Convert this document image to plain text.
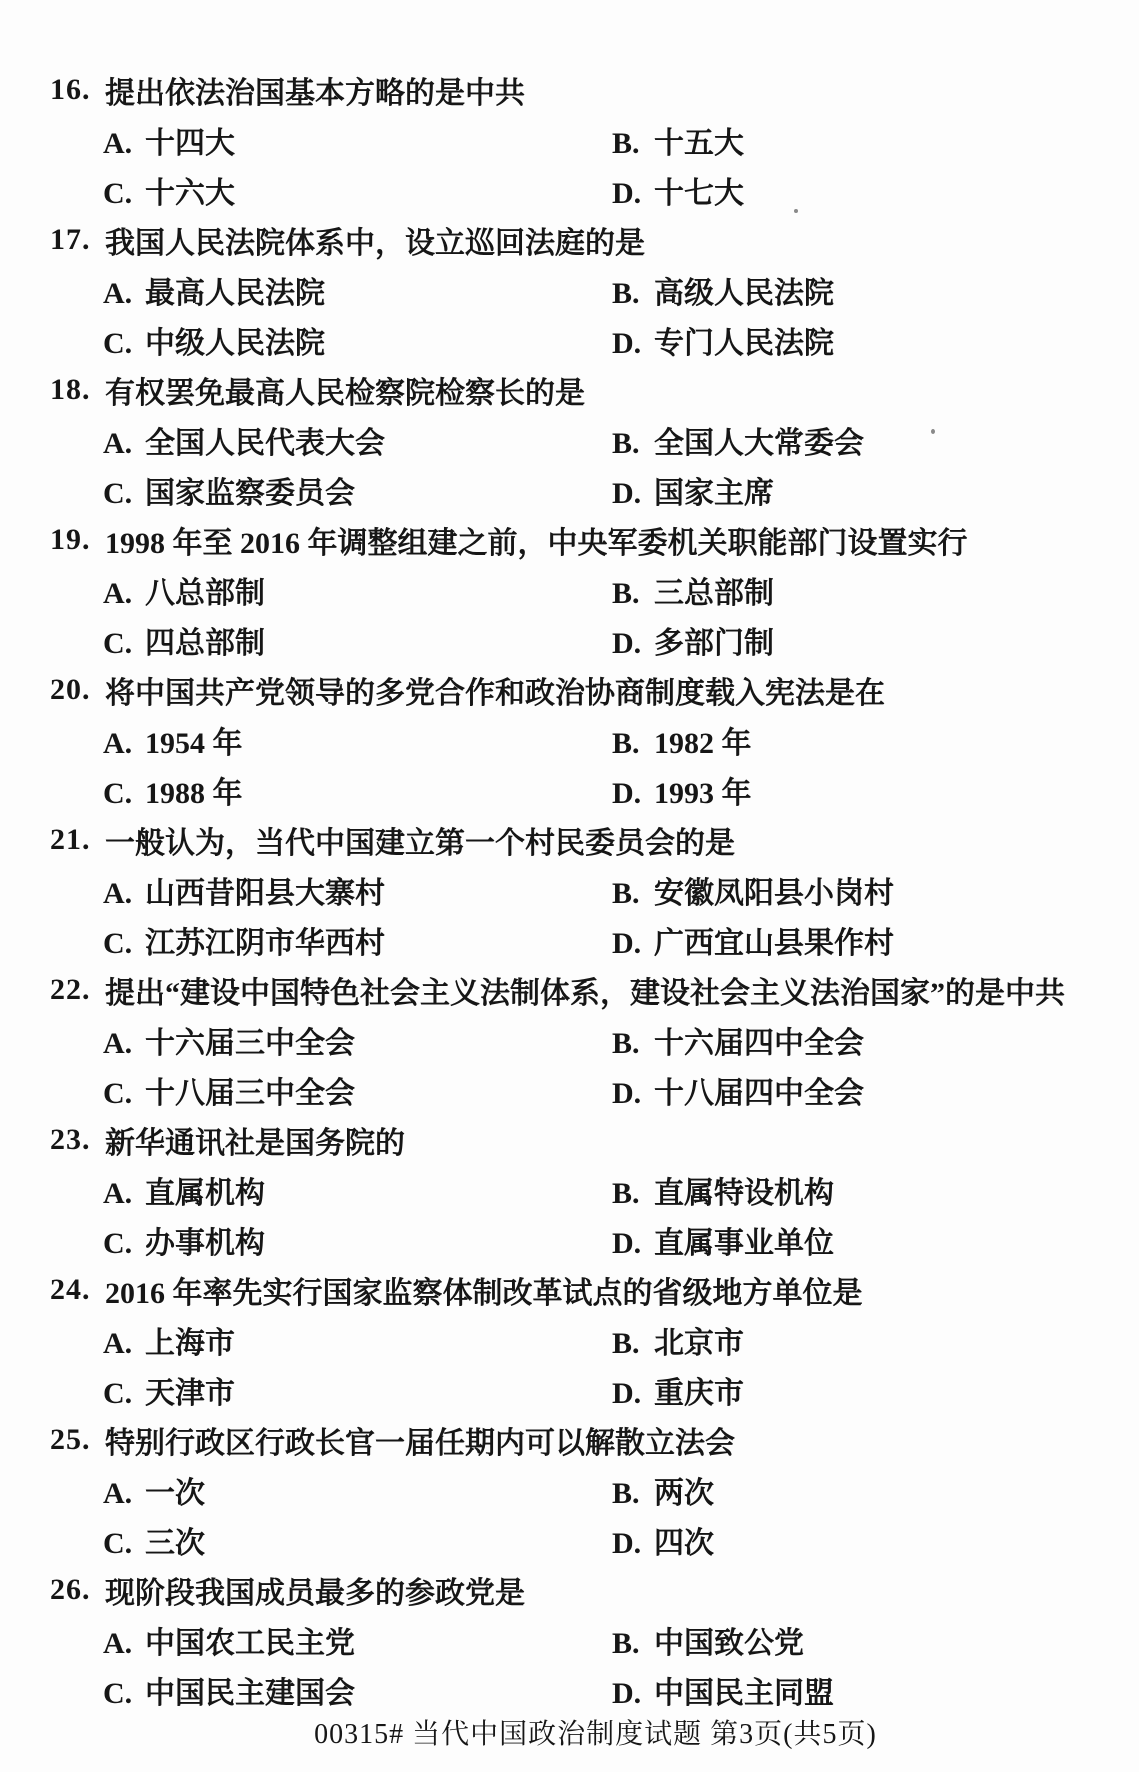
16. 提出依法治国基本方略的是中共
A. 十四大	B. 十五大
C. 十六大	D. 十七大
17. 我国人民法院体系中，设立巡回法庭的是
A. 最高人民法院	B. 高级人民法院
C. 中级人民法院	D. 专门人民法院
18. 有权罢免最高人民检察院检察长的是
A. 全国人民代表大会	B. 全国人大常委会
C. 国家监察委员会	D. 国家主席
19. 1998 年至 2016 年调整组建之前，中央军委机关职能部门设置实行
A. 八总部制	B. 三总部制
C. 四总部制	D. 多部门制
20. 将中国共产党领导的多党合作和政治协商制度载入宪法是在
A. 1954 年	B. 1982 年
C. 1988 年	D. 1993 年
21. 一般认为，当代中国建立第一个村民委员会的是
A. 山西昔阳县大寨村	B. 安徽凤阳县小岗村
C. 江苏江阴市华西村	D. 广西宜山县果作村
22. 提出“建设中国特色社会主义法制体系，建设社会主义法治国家”的是中共
A. 十六届三中全会	B. 十六届四中全会
C. 十八届三中全会	D. 十八届四中全会
23. 新华通讯社是国务院的
A. 直属机构	B. 直属特设机构
C. 办事机构	D. 直属事业单位
24. 2016 年率先实行国家监察体制改革试点的省级地方单位是
A. 上海市	B. 北京市
C. 天津市	D. 重庆市
25. 特别行政区行政长官一届任期内可以解散立法会
A. 一次	B. 两次
C. 三次	D. 四次
26. 现阶段我国成员最多的参政党是
A. 中国农工民主党	B. 中国致公党
C. 中国民主建国会	D. 中国民主同盟
00315# 当代中国政治制度试题 第3页(共5页)
